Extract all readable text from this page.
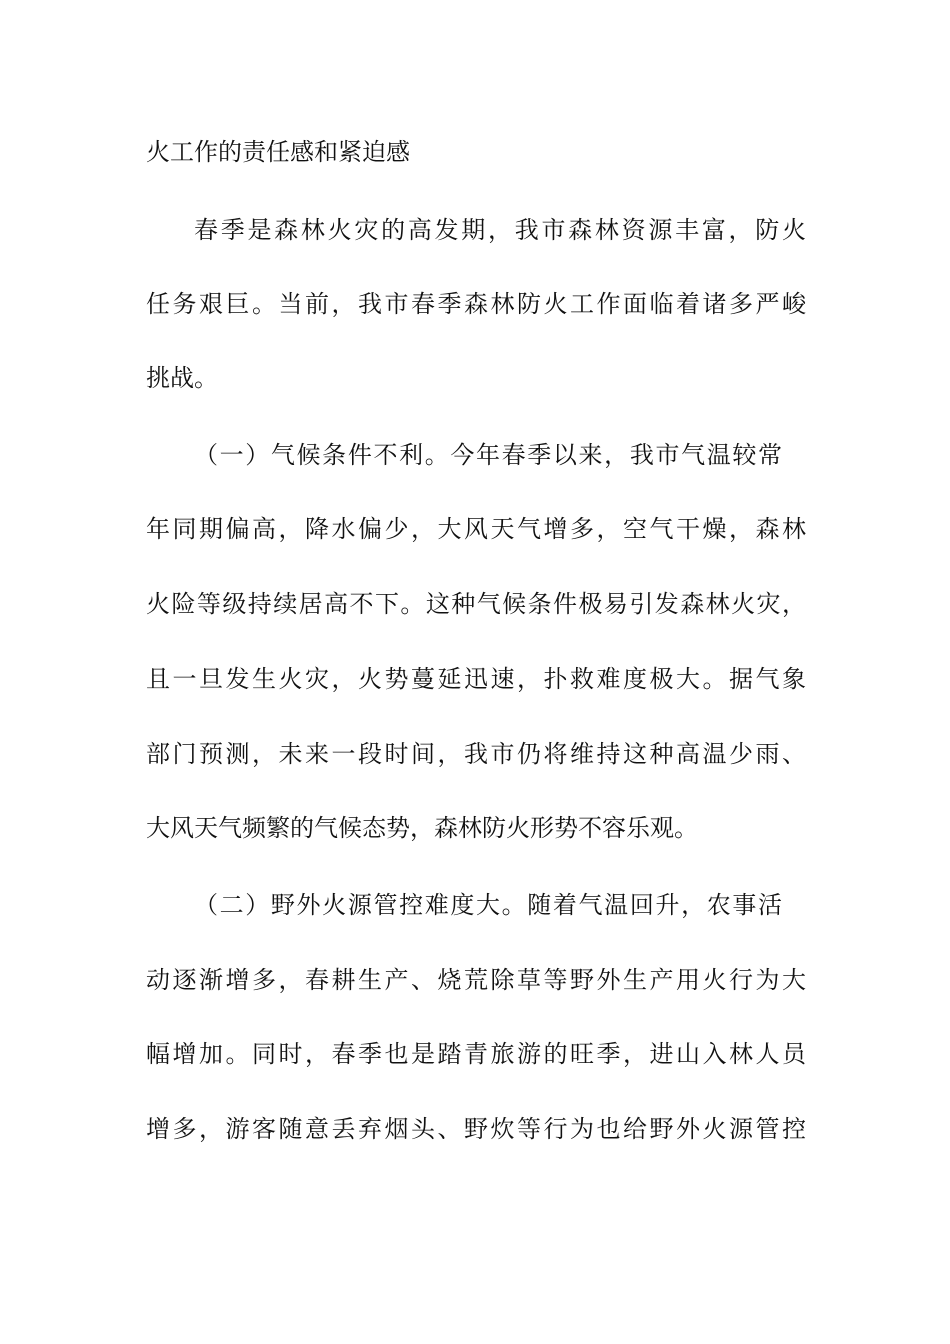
火工作的责任感和紧迫感

春季是森林火灾的高发期，我市森林资源丰富，防火

任务艰巨。当前，我市春季森林防火工作面临着诸多严峻

挑战。

（一）气候条件不利。今年春季以来，我市气温较常

年同期偏高，降水偏少，大风天气增多，空气干燥，森林

火险等级持续居高不下。这种气候条件极易引发森林火灾，

且一旦发生火灾，火势蔓延迅速，扑救难度极大。据气象

部门预测，未来一段时间，我市仍将维持这种高温少雨、

大风天气频繁的气候态势，森林防火形势不容乐观。

（二）野外火源管控难度大。随着气温回升，农事活

动逐渐增多，春耕生产、烧荒除草等野外生产用火行为大

幅增加。同时，春季也是踏青旅游的旺季，进山入林人员

增多，游客随意丢弃烟头、野炊等行为也给野外火源管控
